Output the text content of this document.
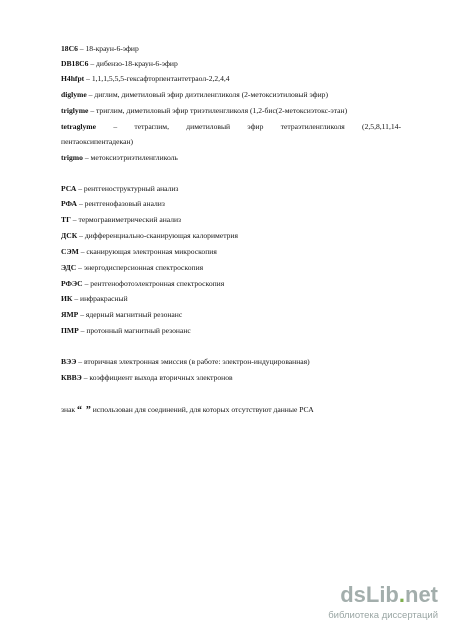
18C6 – 18-краун-6-эфир
DB18C6 – дибензо-18-краун-6-эфир
H4hfpt – 1,1,1,5,5,5-гексафторпентантетраол-2,2,4,4
diglyme – диглим, диметиловый эфир диэтиленгликоля (2-метоксиэтиловый эфир)
triglyme – триглим, диметиловый эфир триэтиленгликоля (1,2-бис(2-метоксиэтокс-этан)
tetraglyme – тетраглим, диметиловый эфир тетраэтиленгликоля (2,5,8,11,14-
пентаоксипентадекан)
trigmo – метоксиэтриэтиленгликоль
РСА – рентгеноструктурный анализ
РФА – рентгенофазовый анализ
ТГ – термогравиметрический анализ
ДСК – дифференциально-сканирующая калориметрия
СЭМ – сканирующая электронная микроскопия
ЭДС – энергодисперсионная спектроскопия
РФЭС – рентгенофотоэлектронная спектроскопия
ИК – инфракрасный
ЯМР – ядерный магнитный резонанс
ПМР – протонный магнитный резонанс
ВЭЭ – вторичная электронная эмиссия (в работе: электрон-индуцированная)
КВВЭ – коэффициент выхода вторичных электронов
знак “ ” использован для соединений, для которых отсутствуют данные РСА
dsLib.net
библиотека диссертаций
